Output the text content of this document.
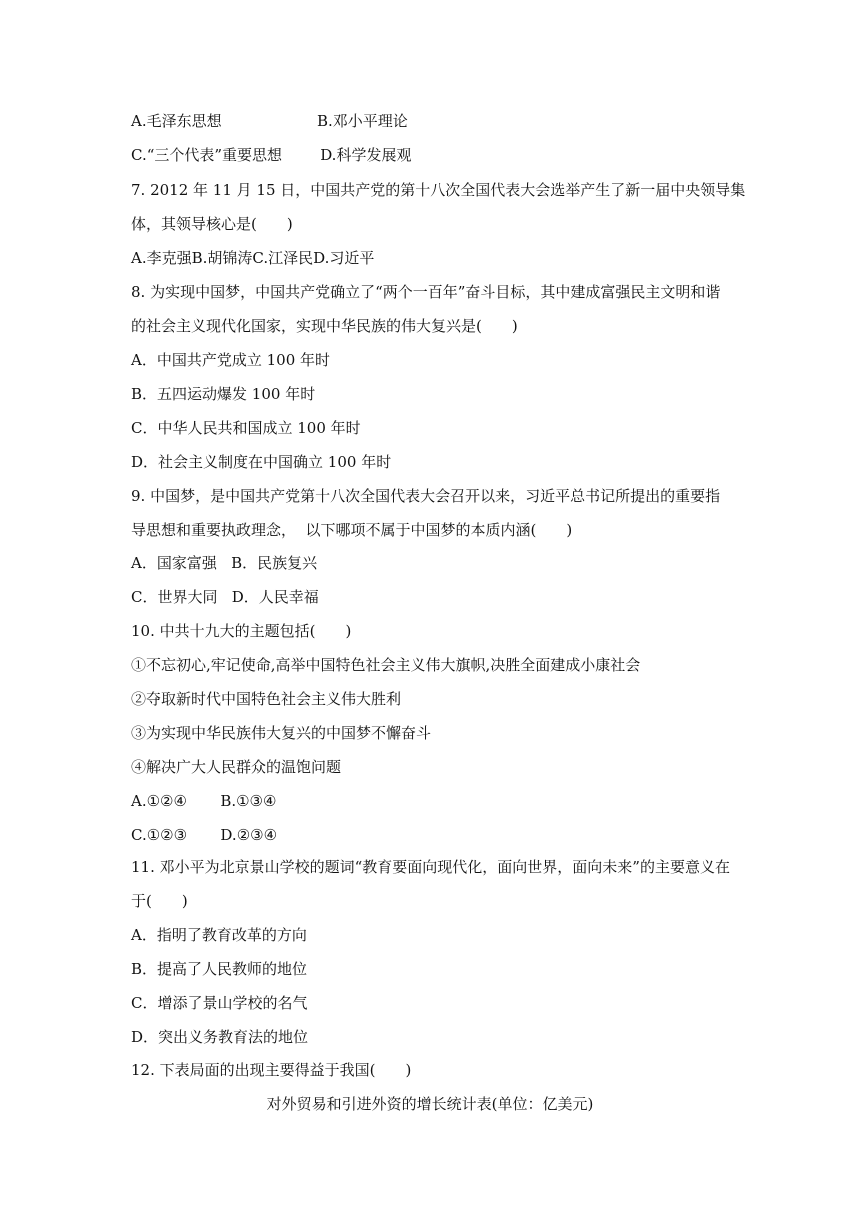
A.毛泽东思想                    B.邓小平理论
C.“三个代表”重要思想        D.科学发展观
7. 2012 年 11 月 15 日，中国共产党的第十八次全国代表大会选举产生了新一届中央领导集
体，其领导核心是(　　)
A.李克强B.胡锦涛C.江泽民D.习近平
8. 为实现中国梦，中国共产党确立了“两个一百年”奋斗目标，其中建成富强民主文明和谐
的社会主义现代化国家，实现中华民族的伟大复兴是(　　)
A．中国共产党成立 100 年时
B．五四运动爆发 100 年时
C．中华人民共和国成立 100 年时
D．社会主义制度在中国确立 100 年时
9. 中国梦，是中国共产党第十八次全国代表大会召开以来，习近平总书记所提出的重要指
导思想和重要执政理念，  以下哪项不属于中国梦的本质内涵(　　)
A．国家富强   B．民族复兴
C．世界大同   D．人民幸福
10. 中共十九大的主题包括(　　)
①不忘初心,牢记使命,高举中国特色社会主义伟大旗帜,决胜全面建成小康社会
②夺取新时代中国特色社会主义伟大胜利
③为实现中华民族伟大复兴的中国梦不懈奋斗
④解决广大人民群众的温饱问题
A.①②④       B.①③④
C.①②③       D.②③④
11. 邓小平为北京景山学校的题词“教育要面向现代化，面向世界，面向未来”的主要意义在
于(　　)
A．指明了教育改革的方向
B．提高了人民教师的地位
C．增添了景山学校的名气
D．突出义务教育法的地位
12. 下表局面的出现主要得益于我国(　　)
对外贸易和引进外资的增长统计表(单位：亿美元)
